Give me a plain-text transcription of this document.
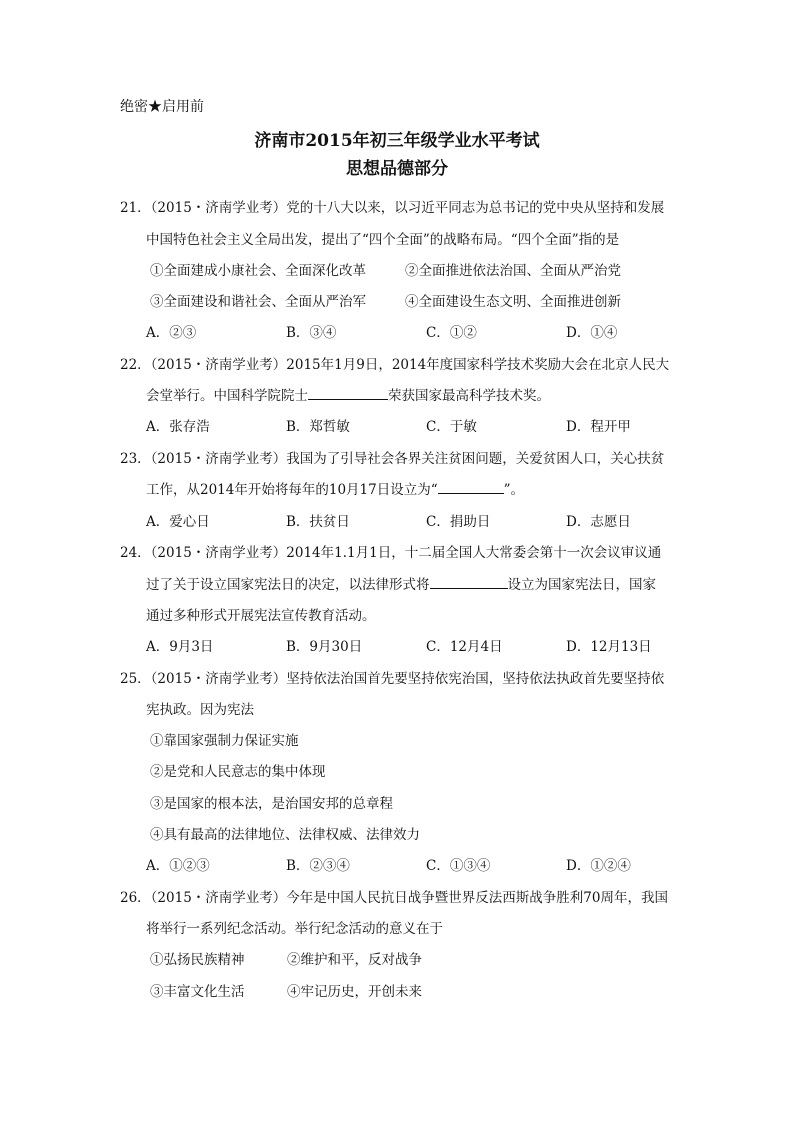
绝密★启用前
济南市2015年初三年级学业水平考试
思想品德部分
21．（2015・济南学业考）党的十八大以来，以习近平同志为总书记的党中央从坚持和发展
中国特色社会主义全局出发，提出了“四个全面”的战略布局。“四个全面”指的是
①全面建成小康社会、全面深化改革	②全面推进依法治国、全面从严治党
③全面建设和谐社会、全面从严治军	④全面建设生态文明、全面推进创新
A．②③	B．③④	C．①②	D．①④
22．（2015・济南学业考）2015年1月9日，2014年度国家科学技术奖励大会在北京人民大
会堂举行。中国科学院院士	荣获国家最高科学技术奖。
A．张存浩	B．郑哲敏	C．于敏	D．程开甲
23．（2015・济南学业考）我国为了引导社会各界关注贫困问题，关爱贫困人口，关心扶贫
工作，从2014年开始将每年的10月17日设立为“	”。
A．爱心日	B．扶贫日	C．捐助日	D．志愿日
24．（2015・济南学业考）2014年1.1月1日，十二届全国人大常委会第十一次会议审议通
过了关于设立国家宪法日的决定，以法律形式将	设立为国家宪法日，国家
通过多种形式开展宪法宣传教育活动。
A．9月3日	B．9月30日	C．12月4日	D．12月13日
25．（2015・济南学业考）坚持依法治国首先要坚持依宪治国，坚持依法执政首先要坚持依
宪执政。因为宪法
①靠国家强制力保证实施
②是党和人民意志的集中体现
③是国家的根本法，是治国安邦的总章程
④具有最高的法律地位、法律权威、法律效力
A．①②③	B．②③④	C．①③④	D．①②④
26．（2015・济南学业考）今年是中国人民抗日战争暨世界反法西斯战争胜利70周年，我国
将举行一系列纪念活动。举行纪念活动的意义在于
①弘扬民族精神	②维护和平，反对战争
③丰富文化生活	④牢记历史，开创未来
